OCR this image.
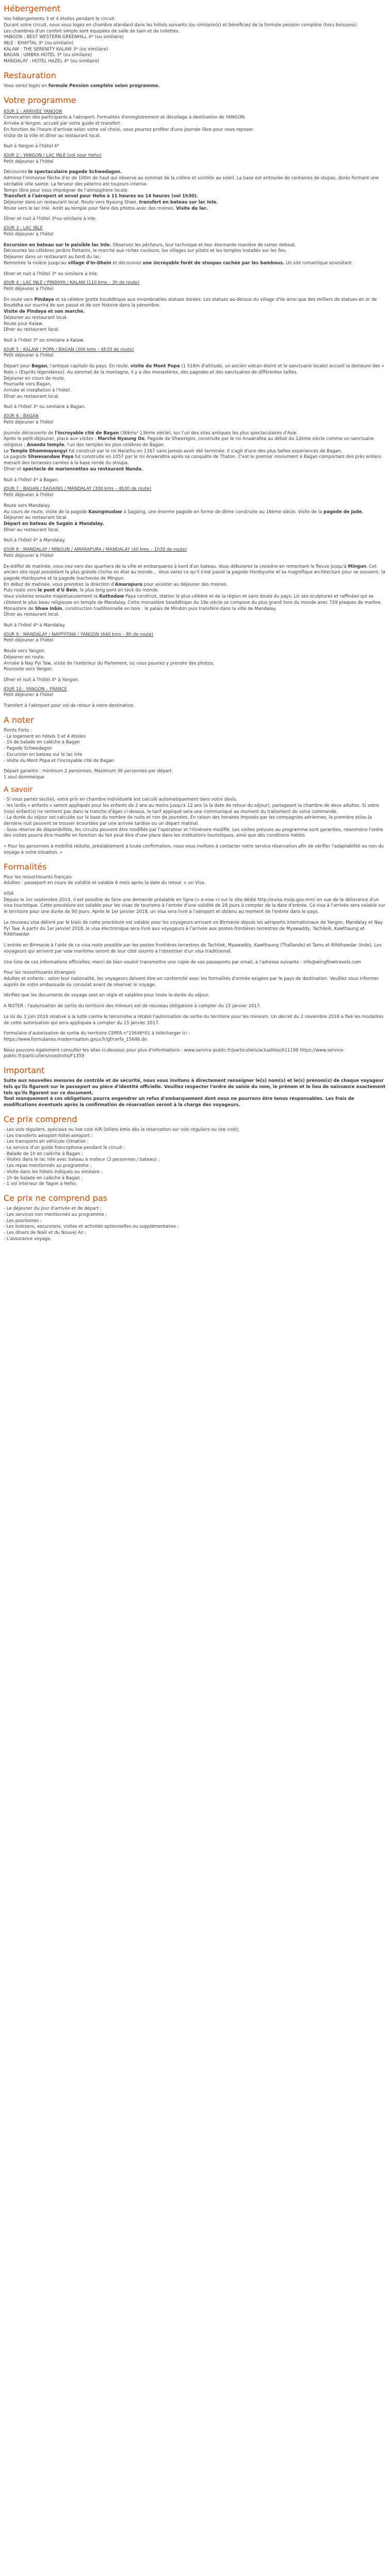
Hébergement
Vos hébergements 3 et 4 étoiles pendant le circuit.
Durant votre circuit, nous vous logez en chambre standard dans les hôtels suivants (ou similaire(s) et bénéficiez de la formule pension complète (hors boissons).
Les chambres d'un confort simple sont équipées de salle de bain et de toilettes.
YANGON : BEST WESTERN GREENHILL 4* (ou similaire)
INLE : KHAYTAL 3* (ou similaire)
KALAW : THE SERENITY KALAW 3* (ou similaire)
BAGAN : UMBRA HOTEL 3* (ou similaire)
MANDALAY : HOTEL HAZEL 4* (ou similaire)
Restauration
Vous serez logés en formule Pension complète selon programme.
Votre programme
JOUR 1 : ARRIVÉE YANGON
Convocation des participants à l'aéroport. Formalités d'enregistrement et décollage à destination de YANGON.
Arrivée à Yangon, accueil par votre guide et transfert.
En fonction de l'heure d'arrivée selon votre vol choisi, vous pourrez profiter d'une journée libre pour vous reposer.
Visite de la ville et dîner au restaurant local.
Nuit à Yangon à l'hôtel 4*
JOUR 2 : YANGON / LAC INLE (vol pour Heho)
Petit déjeuner à l'hôtel
Découvrez le spectaculaire pagode Schwedagon.
Admirez l'immense flèche d'or de 100m de haut qui observe au sommet de la colline et scintille au soleil. La base est entourée de centaines de stupas, dorés formant une véritable ville sainte. La ferveur des pèlerins est toujours intense.
Temps libre pour vous imprégner de l'atmosphère locale.
Transfert à l'aéroport et envol pour Heho à 11 heures ou 14 heures (vol 1h30).
Déjeuner dans un restaurant local. Route vers Nyaung Shwe, transfert en bateau sur lac Inle.
Route vers le lac Inle. Arrêt au temple pour faire des photos avec des moines. Visite du lac.
Dîner et nuit à l'hôtel 3*ou similaire à Inle.
JOUR 3 : LAC INLE
Petit déjeuner à l'hôtel
Excursion en bateau sur le paisible lac Inle. Observez les pêcheurs, leur technique et leur étonnante manière de ramer debout.
Découvrez les célèbres jardins flottants, le marché aux riches couleurs, les villages sur pilotis et les temples installés sur les îles.
Déjeuner dans un restaurant au bord du lac.
Remontée la rivière jusqu'au village d'In-Dhein et découvrez une incroyable forêt de stoupas cachée par les bambous. Un site romantique envoûtant.
Dîner et nuit à l'hôtel 3* ou similaire à Inle.
JOUR 4 : LAC INLE / PINDAYA / KALAW (110 kms – 3h de route)
Petit déjeuner à l'hôtel
En route vers Pindaya et sa célèbre grotte bouddhique aux innombrables statues dorées. Les statues au-dessus du village d'Ile ainsi que des milliers de statues en or de Bouddha sur ouvrira de son passé et de son histoire dans la pénombre.
Visite de Pindaya et son marché.
Déjeuner au restaurant local.
Route pour Kalaw.
Dîner au restaurant local.
Nuit à l'hôtel 3* ou similaire à Kalaw.
JOUR 5 : KALAW / POPA / BAGAN (300 kms – 6h30 de route)
Petit déjeuner à l'hôtel
Départ pour Bagan, l'antique capitale du pays. En route, visite du Mont Popa (1 518m d'altitude, un ancien volcan éteint et le sanctuaire locale) accueil la demeure des « Nats » (Esprits légendaires). Au sommet de la montagne, il y a des monastères, des pagodes et des sanctuaires de différentes tailles.
Déjeuner en cours de route.
Poursuite vers Bagan.
Arrivée et installation à l'hôtel.
Dîner au restaurant local.
Nuit à l'hôtel 3* ou similaire à Bagan.
JOUR 6 : BAGAN
Petit déjeuner à l'hôtel
Journée découverte de l'incroyable cité de Bagan (36kms² 13ème siècle), sur l'un des sites antiques les plus spectaculaires d'Asie.
Après le petit-déjeuner, place aux visites : Marché Nyaung Oo, Pagode de Shwezigon, construite par le roi Anawrahta au début du 12ème siècle comme un sanctuaire religieux ; Ananda temple, l'un des temples les plus célèbres de Bagan.
Le Temple Dhammayangyi fut construit par le roi Narathu en 1167 sans jamais avoir été terminée. Il s'agit d'une des plus belles expériences de Bagan.
La pagode Shwesandaw Paya fut construite en 1057 par le roi Anawrahta après sa conquête de Thaton. C'est le premier monument à Bagan comportant des près entiers menant des terrasses carrées à la base ronde du stoupa.
Dîner et spectacle de marionnettes au restaurant Nanda.
Nuit à l'hôtel 4* à Bagan.
JOUR 7 : BAGAN / SAGAING / MANDALAY (300 kms – 4h30 de route)
Petit déjeuner à l'hôtel
Route vers Mandalay.
Au cours de route, visite de la pagode Kaungmudaw à Sagaing, une énorme pagode en forme de dôme construite au 16ème siècle. Visite de la pagode de Jade.
Déjeuner au restaurant local.
Départ en bateau de Sagain à Mandalay.
Dîner au restaurant local.
Nuit à l'hôtel 4* à Mandalay.
JOUR 8 : MANDALAY / MINGUN / AMARAPURA / MANDALAY (40 kms – 1h30 de route)
Petit déjeuner à l'hôtel
Ex-édifiel de matinée, vous irez vers des quartiers de la ville et embarquerez à bord d'un bateau. Vous débuterez la croisière en remontant le fleuve jusqu'à Mingun. Cet ancien site royal possédant la plus grande cloche en état au monde… Vous verez ce qu'il s'est passé la pagode Hsinbyume et sa magnifique architecture pour se souvenir, la pagode Hsinbyume et la pagode inachevée de Mingun.
En début de matinée, vous prendrez la direction d'Amarapura pour assister au déjeuner des moines.
Puis route vers le pont d'U Bein, le plus long pont en teck du monde.
Vous visiterez ensuite majestueusement la Kuthodaw Paya construit, station le plus célèbre et de la région et sans doute du pays. Lic ses sculptures et raffinées qui se côtoient le plus beau religieuse en temple de Mandalay. Cette monastère bouddhique du 19e siècle se compose du plus grand livre du monde avec 729 plaques de marbre.
Monastère de Shwe Inbin, construction traditionnelle en bois : le palais de Mindon puis transféré dans la ville de Mandalay.
Dîner au restaurant local.
Nuit à l'hôtel 4* à Mandalay.
JOUR 9 : MANDALAY / NAYPYITAW / YANGON (640 kms – 8h de route)
Petit déjeuner à l'hôtel
Route vers Yangon.
Déjeuner en route.
Arrivée à Nay Pyi Taw, visite de l'extérieur du Parlement, où vous pourrez y prendre des photos.
Poursuite vers Yangon.
Dîner et nuit à l'hôtel 4* à Yangon.
JOUR 10 : YANGON – FRANCE
Petit déjeuner à l'hôtel
Transfert à l'aéroport pour vol de retour à votre destination.
A noter
Points Forts :
- Le logement en hôtels 3 et 4 étoiles
- 1h de balade en calèche à Bagan
- Pagode Schwedagon
- Excursion en bateau sur le lac Inle
- Visite du Mont Popa et l'incroyable cité de Bagan
Départ garantis : minimum 2 personnes. Maximum 36 personnes par départ.
1 seul dommeique
A savoir
- Si vous partez seul(e), votre prix en chambre individuelle est calculé automatiquement dans votre devis.
- les lardis « enfants » seront appliqués pour les enfants de 2 ans au moins jusqu'à 12 ans (à la date de retour du séjour), partageant la chambre de deux adultes. Si votre (nos) enfant(s) ne rentrent pas dans la tranche d'âges ci-dessus, le tarif appliqué sera une communiqué au moment du traitement de votre commande.
- La durée du séjour est calculée sur la base du nombre de nuits et non de journées. En raison des horaires imposés par les compagnies aériennes, la première et/ou la dernière nuit peuvent se trouver écourtées par une arrivée tardive ou un départ matinal.
- Sous réserve de disponibilités, les circuits peuvent être modifiés par l'opérateur et l'itinéraire modifié. Les visites prévues au programme sont garanties, néanmoins l'ordre des visites pourra être modifié en fonction du fait peut être d'une place dans les institutions touristiques, ainsi que des conditions météo.
« Pour les personnes à mobilité réduite, préalablement à toute confirmation, nous vous invitons à contacter notre service réservation afin de vérifier l'adaptabilité ou non du voyage à votre situation. »
Formalités
Pour les ressortissants français
Adultes : passeport en cours de validité et valable 6 mois après la date du retour + un Visa.
VISA
Depuis le 1er septembre 2014, il est possible de faire une demande préalable en ligne (« e-visa ») sur le site dédié http://evisa.moip.gov.mm/ en vue de la délivrance d'un visa touristique. Cette procédure est valable pour les visas de tourisme à l'entrée d'une validité de 28 jours à compter de la date d'entrée. Ce visa à l'arrivée sera valable sur le territoire pour une durée de 90 jours. Après le 1er janvier 2018, un visa sera livré à l'aéroport et obtenu au moment de l'entrée dans le pays.
Le nouveau visa délivré par le biais de cette procédure est valable pour les voyageurs arrivant en Birmanie depuis les aéroports internationaux de Yangon, Mandalay et Nay Pyi Taw. À partir du 1er janvier 2018, le visa électronique sera livré aux voyageurs à l'arrivée aux postes-frontières terrestres de Myawaddy, Tachileik, Kawthaung et Rihkhawdar.
L'entrée en Birmanie à l'aide de ce visa reste possible par les postes frontières terrestres de Tachilek, Myawaddy, Kawthaung (Thaïlande) et Tamu et Rihkhawdar (Inde). Les voyageurs qui arrivent par voie maritime seront de leur côté soumis à l'obtention d'un visa traditionnel.
Une liste de ces informations officielles, merci de bien vouloir transmettre une copie de vos passeports par email, à l'adresse suivante : info@wingflowtravels.com
Pour les ressortissants étrangers
Adultes et enfants : selon leur nationalité, les voyageurs doivent être en conformité avec les formalités d'entrée exigées par le pays de destination. Veuillez vous informer auprès de votre ambassade ou consulat avant de réserver le voyage.
Vérifiez que les documents de voyage sont en règle et valables pour toute la durée du séjour.
A NOTER : l'autorisation de sortie du territoire des mineurs est de nouveau obligatoire à compter du 15 janvier 2017.
Le loi du 3 juin 2016 relative à la lutte contre le terrorisme a rétabli l'autorisation de sortie du territoire pour les mineurs. Un décret du 2 novembre 2016 a fixé les modalités de cette autorisation qui sera appliquée à compter du 15 janvier 2017.
Formulaire d'autorisation de sortie du territoire CERFA n°15646*01 à télécharger ici :
https://www.formulaires.modernisation.gouv.fr/gf/cerfa_15646.do
Nous pouvons également consulter les sites ci-dessous pour plus d'informations : www.service-public.fr/particuliers/actualites/A11199 https://www.service-public.fr/particuliers/vosdroits/F1359
Important
Suite aux nouvelles mesures de contrôle et de sécurité, nous vous invitons à directement renseigner le(s) nom(s) et le(s) prénom(s) de chaque voyageur tels qu'ils figurent sur le passeport ou pièce d'identité officielle. Veuillez respecter l'ordre de saisie du nom, le prénom et le lieu de naissance exactement tels qu'ils figurent sur ce document.
Tout manquement à ces obligations pourra engendrer un refus d'embarquement dont nous ne pourrons être tenus responsables. Les frais de modifications éventuels après la confirmation de réservation seront à la charge des voyageurs.
Ce prix comprend
- Les vols réguliers, spéciaux ou low cost A/R (billets émis dès la réservation sur vols réguliers ou low cost);
- Les transferts aéroport-hôtel-aéroport ;
- Les transports en véhicule climatisé ;
- Le service d'un guide francophone pendant le circuit ;
- Balade de 1h en calèche à Bagan ;
- Visites dans le lac Inle avec bateau à moteur (3 personnes / bateau) ;
- Les repas mentionnés au programme ;
- Visite dans les hôtels indiqués ou similaire ;
- 1h de balade en calèche à Bagan ;
- 1 vol intérieur de Yagon à Heho.
Ce prix ne comprend pas
- Le déjeuner du jour d'arrivée et de départ ;
- Les services non mentionnés au programme ;
- Les pourboires ;
- Les boissons, excursions, visites et activités optionnelles ou supplémentaires ;
- Les dîners de Noël et du Nouvel An ;
- L'assurance voyage.
